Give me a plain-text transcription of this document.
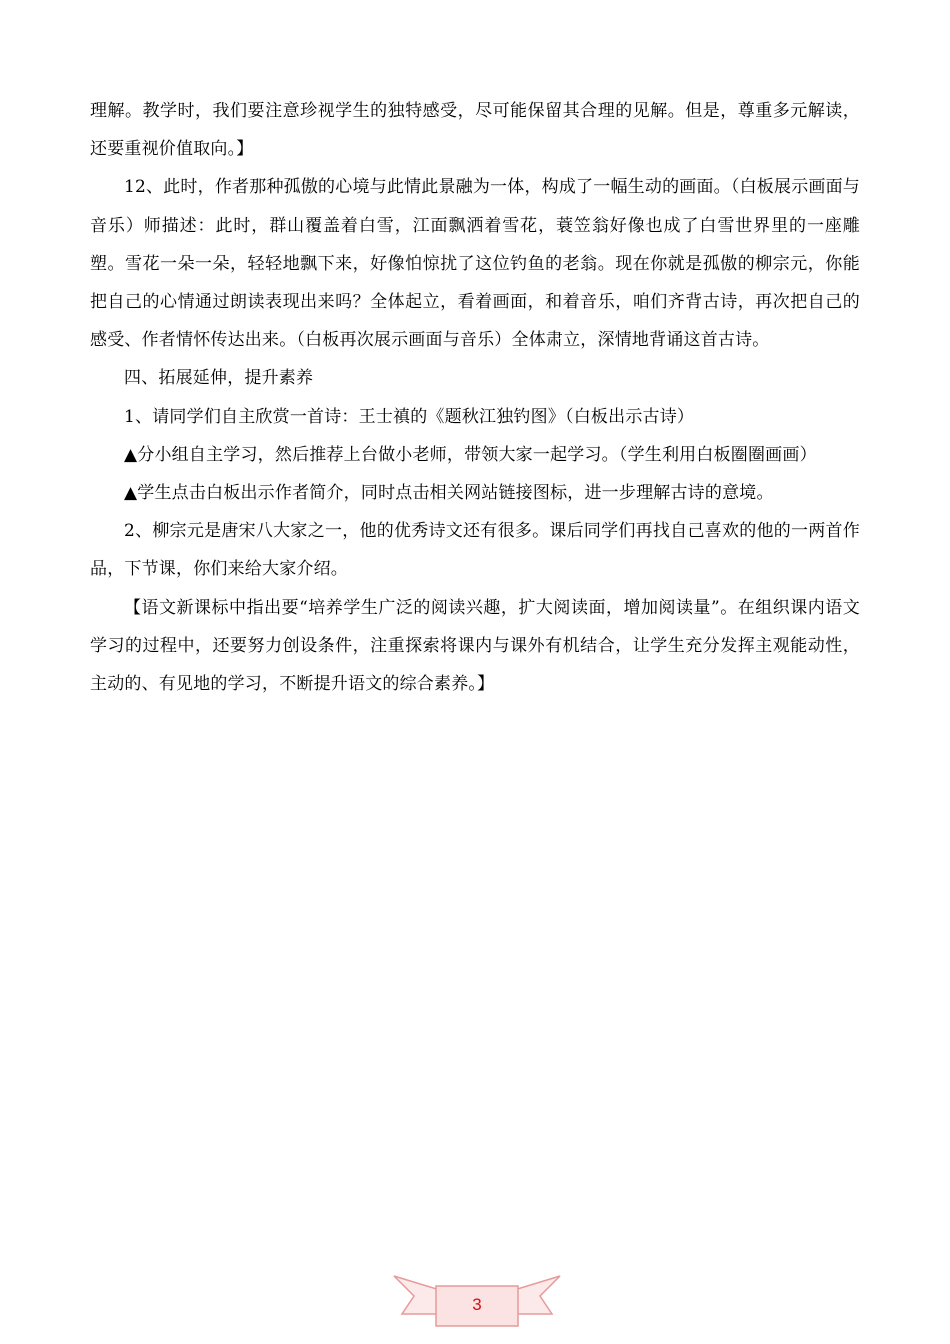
理解。教学时，我们要注意珍视学生的独特感受，尽可能保留其合理的见解。但是，尊重多元解读，还要重视价值取向。】

12、此时，作者那种孤傲的心境与此情此景融为一体，构成了一幅生动的画面。（白板展示画面与音乐）师描述：此时，群山覆盖着白雪，江面飘洒着雪花，蓑笠翁好像也成了白雪世界里的一座雕塑。雪花一朵一朵，轻轻地飘下来，好像怕惊扰了这位钓鱼的老翁。现在你就是孤傲的柳宗元，你能把自己的心情通过朗读表现出来吗？全体起立，看着画面，和着音乐，咱们齐背古诗，再次把自己的感受、作者情怀传达出来。（白板再次展示画面与音乐）全体肃立，深情地背诵这首古诗。

四、拓展延伸，提升素养

1、请同学们自主欣赏一首诗：王士禛的《题秋江独钓图》（白板出示古诗）

▲分小组自主学习，然后推荐上台做小老师，带领大家一起学习。（学生利用白板圈圈画画）

▲学生点击白板出示作者简介，同时点击相关网站链接图标，进一步理解古诗的意境。

2、柳宗元是唐宋八大家之一，他的优秀诗文还有很多。课后同学们再找自己喜欢的他的一两首作品，下节课，你们来给大家介绍。

【语文新课标中指出要“培养学生广泛的阅读兴趣，扩大阅读面，增加阅读量”。在组织课内语文学习的过程中，还要努力创设条件，注重探索将课内与课外有机结合，让学生充分发挥主观能动性，主动的、有见地的学习，不断提升语文的综合素养。】

3
